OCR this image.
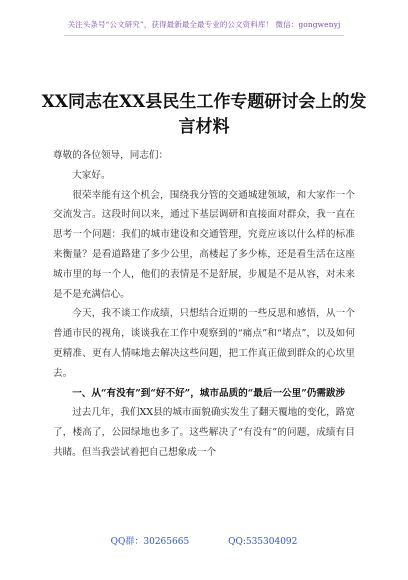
关注头条号“公文研究”，获得最新最全最专业的公文资料库！ 微信：gongwenyj
XX同志在XX县民生工作专题研讨会上的发言材料

尊敬的各位领导，同志们：

大家好。

很荣幸能有这个机会，围绕我分管的交通城建领域，和大家作一个交流发言。这段时间以来，通过下基层调研和直接面对群众，我一直在思考一个问题：我们的城市建设和交通管理，究竟应该以什么样的标准来衡量？是看道路建了多少公里，高楼起了多少栋，还是看生活在这座城市里的每一个人，他们的表情是不是舒展，步履是不是从容，对未来是不是充满信心。

今天，我不谈工作成绩，只想结合近期的一些反思和感悟，从一个普通市民的视角，谈谈我在工作中观察到的“痛点”和“堵点”，以及如何更精准、更有人情味地去解决这些问题，把工作真正做到群众的心坎里去。

一、从“有没有”到“好不好”，城市品质的“最后一公里”仍需跋涉

过去几年，我们XX县的城市面貌确实发生了翻天覆地的变化，路宽了，楼高了，公园绿地也多了。这些解决了“有没有”的问题，成绩有目共睹。但当我尝试着把自己想象成一个

QQ群：30265665	QQ:535304092
